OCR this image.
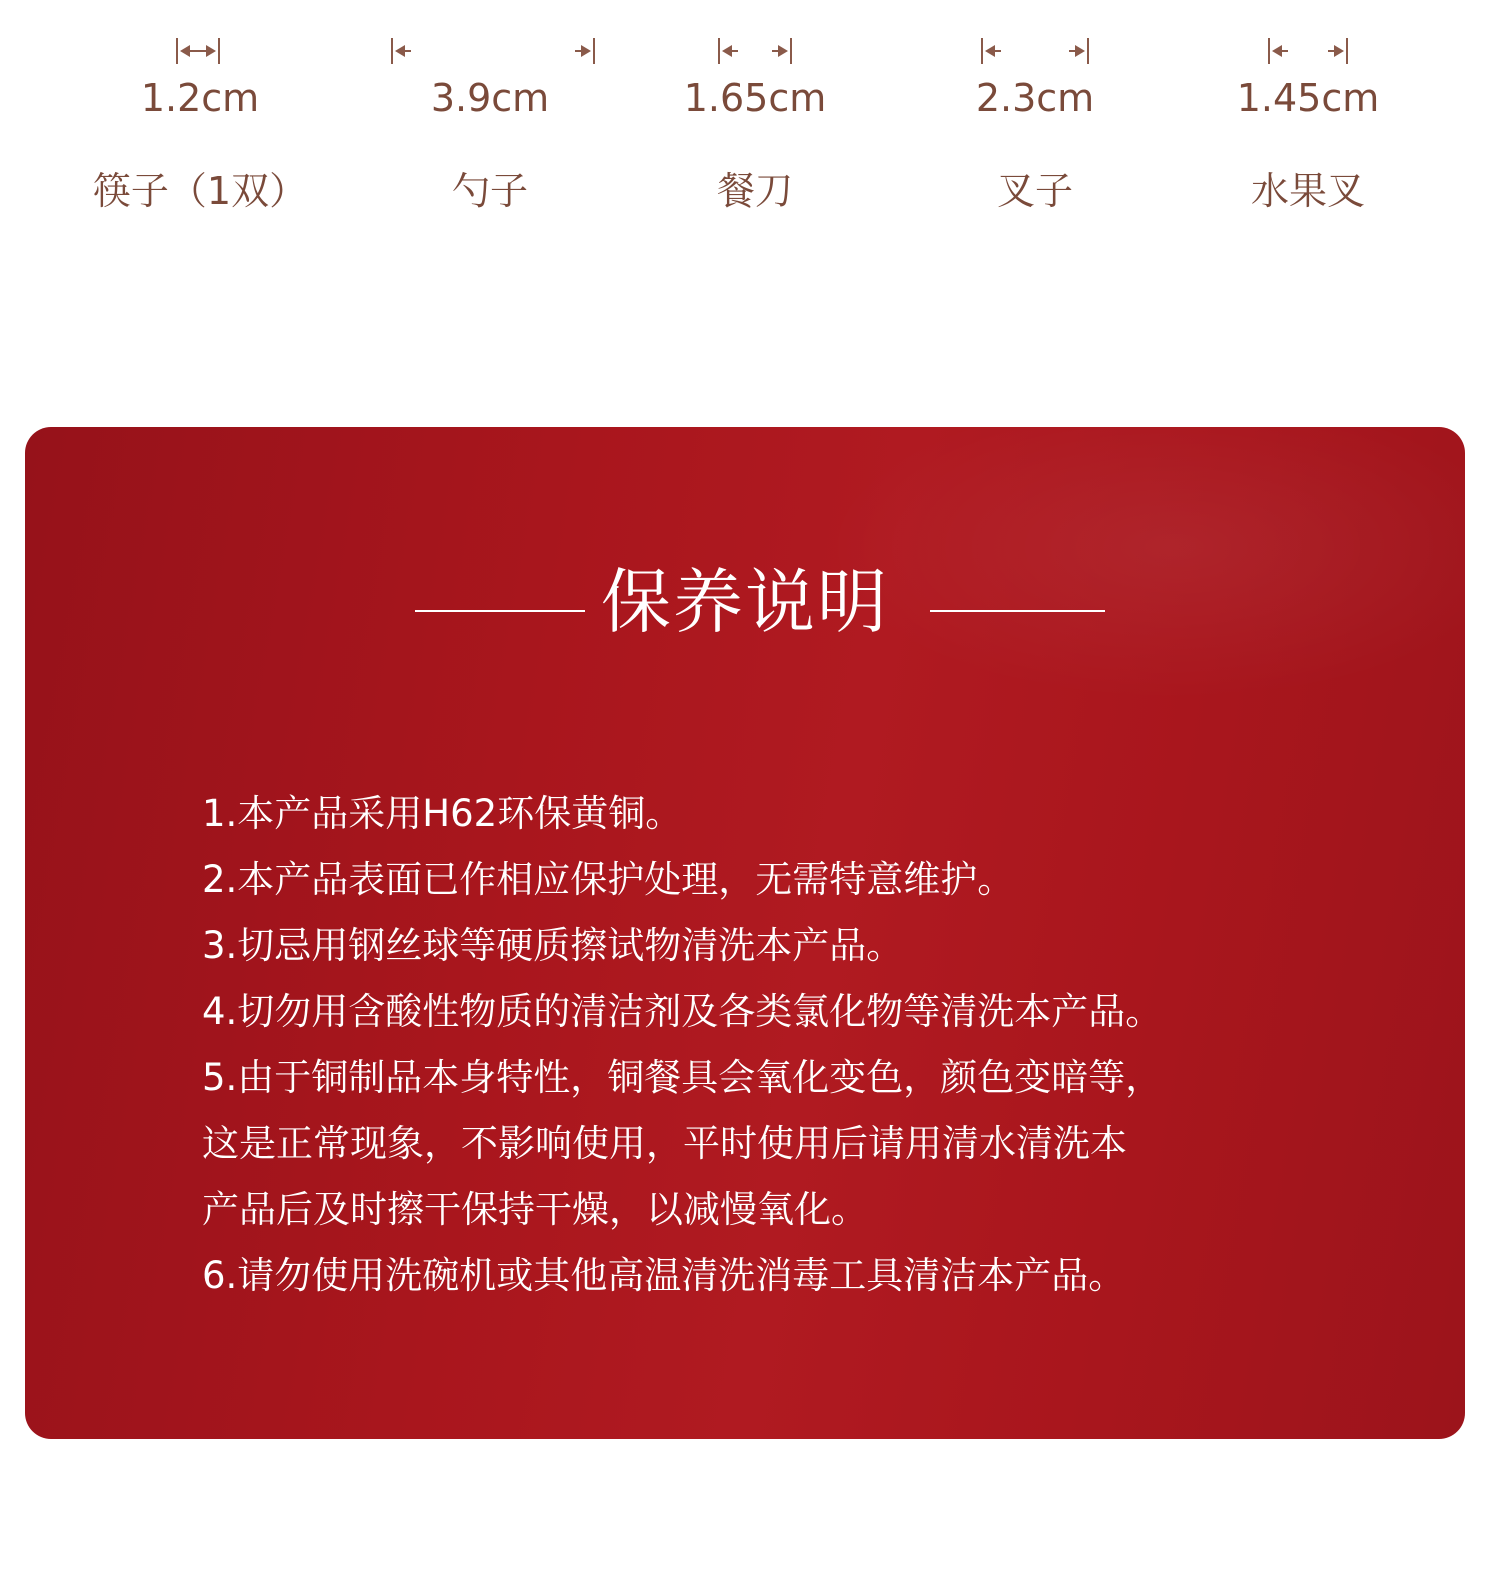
1.2cm
筷子（1双）
3.9cm
勺子
1.65cm
餐刀
2.3cm
叉子
1.45cm
水果叉
保养说明
1.本产品采用H62环保黄铜。
2.本产品表面已作相应保护处理，无需特意维护。
3.切忌用钢丝球等硬质擦试物清洗本产品。
4.切勿用含酸性物质的清洁剂及各类氯化物等清洗本产品。
5.由于铜制品本身特性，铜餐具会氧化变色，颜色变暗等，
这是正常现象，不影响使用，平时使用后请用清水清洗本
产品后及时擦干保持干燥，以减慢氧化。
6.请勿使用洗碗机或其他高温清洗消毒工具清洁本产品。
